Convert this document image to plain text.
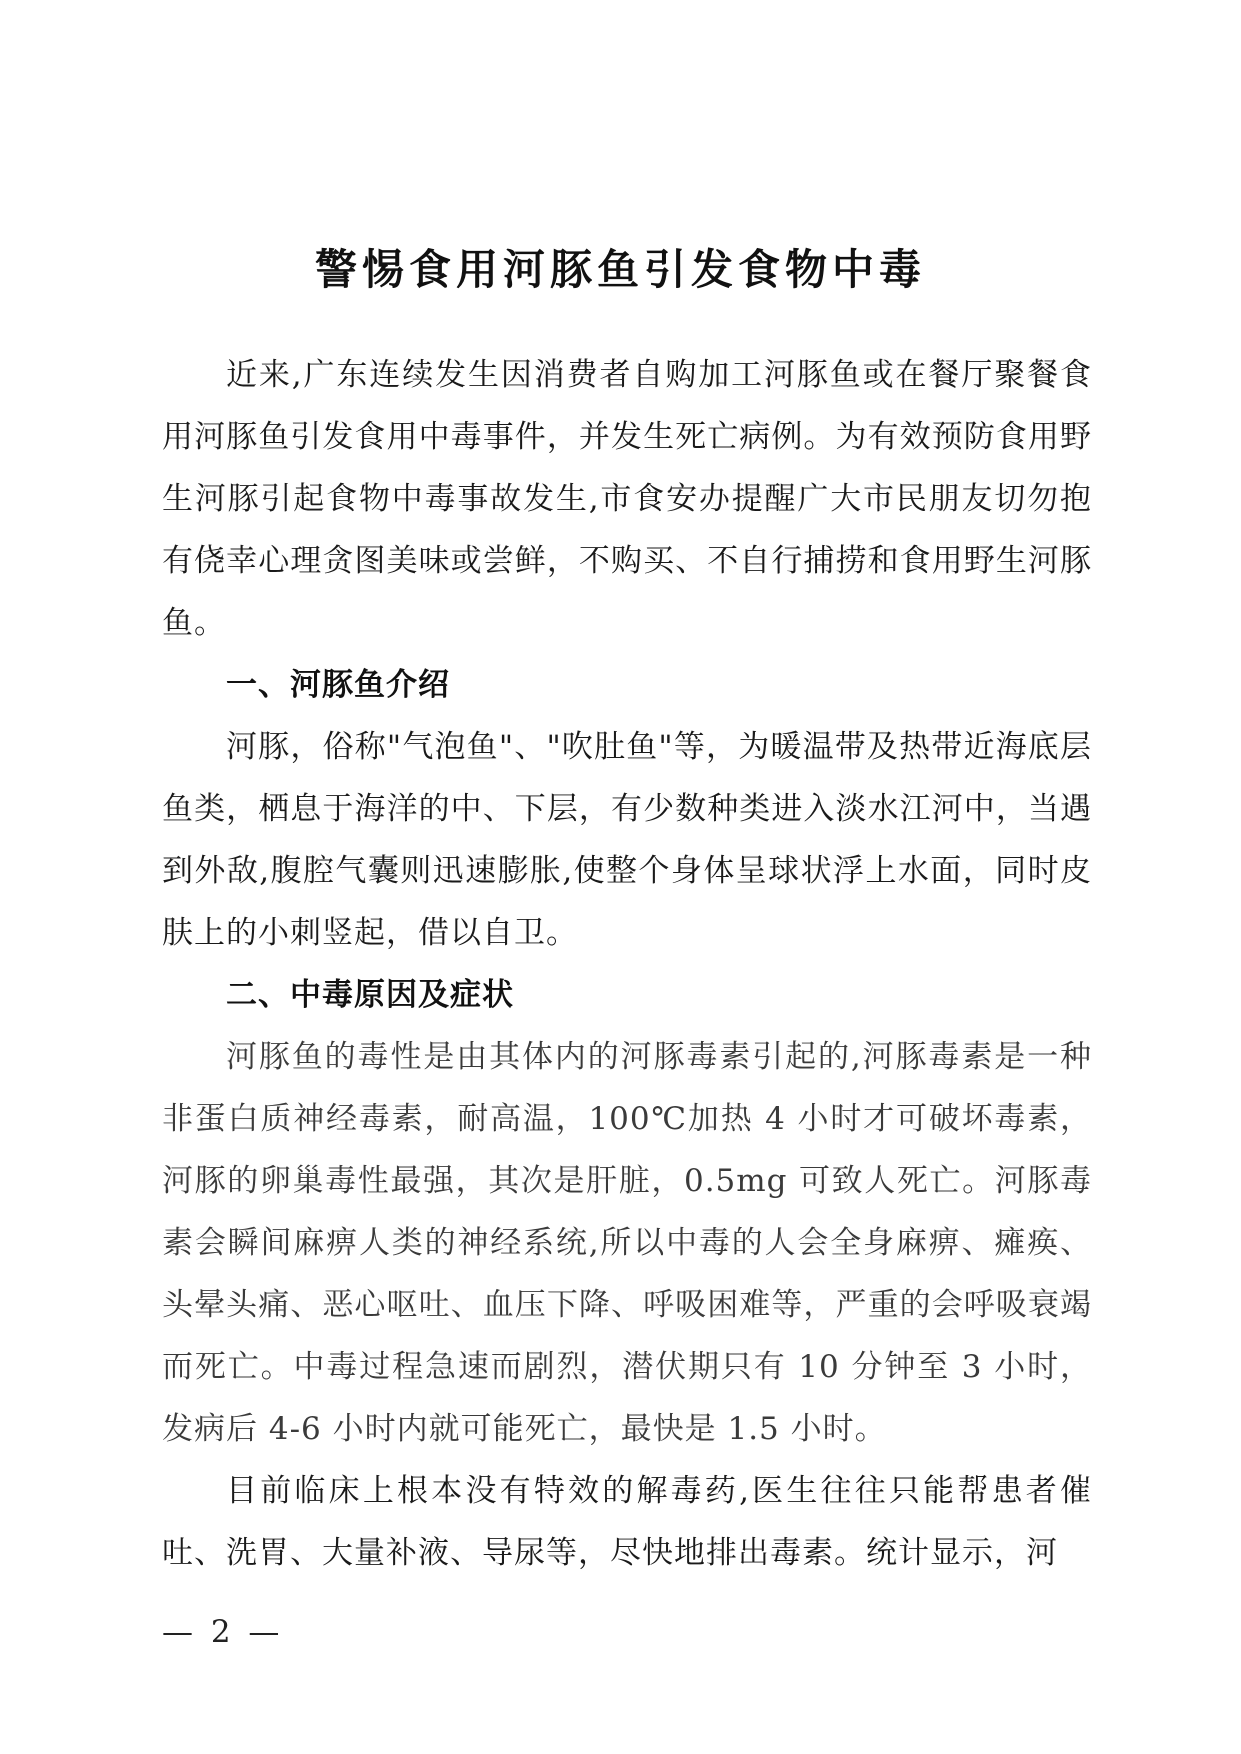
警惕食用河豚鱼引发食物中毒

近来,广东连续发生因消费者自购加工河豚鱼或在餐厅聚餐食用河豚鱼引发食用中毒事件，并发生死亡病例。为有效预防食用野生河豚引起食物中毒事故发生,市食安办提醒广大市民朋友切勿抱有侥幸心理贪图美味或尝鲜，不购买、不自行捕捞和食用野生河豚鱼。

一、河豚鱼介绍

河豚，俗称"气泡鱼"、"吹肚鱼"等，为暖温带及热带近海底层鱼类，栖息于海洋的中、下层，有少数种类进入淡水江河中，当遇到外敌,腹腔气囊则迅速膨胀,使整个身体呈球状浮上水面，同时皮肤上的小刺竖起，借以自卫。

二、中毒原因及症状

河豚鱼的毒性是由其体内的河豚毒素引起的,河豚毒素是一种非蛋白质神经毒素，耐高温，100℃加热 4 小时才可破坏毒素，河豚的卵巢毒性最强，其次是肝脏，0.5mg 可致人死亡。河豚毒素会瞬间麻痹人类的神经系统,所以中毒的人会全身麻痹、瘫痪、头晕头痛、恶心呕吐、血压下降、呼吸困难等，严重的会呼吸衰竭而死亡。中毒过程急速而剧烈，潜伏期只有 10 分钟至 3 小时，发病后 4-6 小时内就可能死亡，最快是 1.5 小时。

目前临床上根本没有特效的解毒药,医生往往只能帮患者催吐、洗胃、大量补液、导尿等，尽快地排出毒素。统计显示，河

— 2 —
